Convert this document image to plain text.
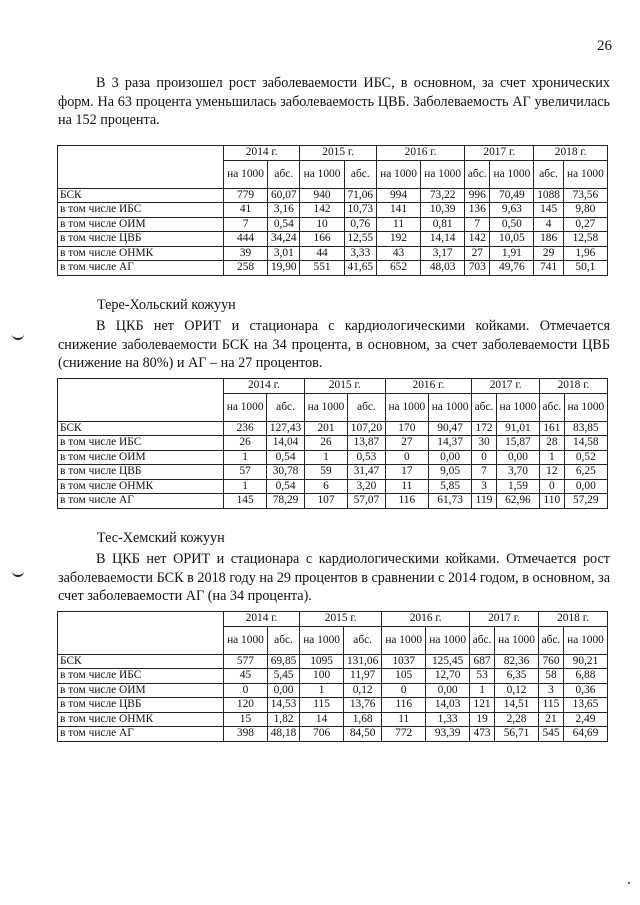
26

В 3 раза произошел рост заболеваемости ИБС, в основном, за счет хронических форм. На 63 процента уменьшилась заболеваемость ЦВБ. Заболеваемость АГ увеличилась на 152 процента.

	2014 г.		2015 г.		2016 г.		2017 г.		2018 г.	
	на 1000	абс.	на 1000	абс.	на 1000	на 1000	абс.	на 1000	абс.	на 1000
БСК	779	60,07	940	71,06	994	73,22	996	70,49	1088	73,56
в том числе ИБС	41	3,16	142	10,73	141	10,39	136	9,63	145	9,80
в том числе ОИМ	7	0,54	10	0,76	11	0,81	7	0,50	4	0,27
в том числе ЦВБ	444	34,24	166	12,55	192	14,14	142	10,05	186	12,58
в том числе ОНМК	39	3,01	44	3,33	43	3,17	27	1,91	29	1,96
в том числе АГ	258	19,90	551	41,65	652	48,03	703	49,76	741	50,1
Тере-Хольский кожуун

В ЦКБ нет ОРИТ и стационара с кардиологическими койками. Отмечается снижение заболеваемости БСК на 34 процента, в основном, за счет заболеваемости ЦВБ (снижение на 80%) и АГ – на 27 процентов.

	2014 г.		2015 г.		2016 г.		2017 г.		2018 г.	
	на 1000	абс.	на 1000	абс.	на 1000	на 1000	абс.	на 1000	абс.	на 1000
БСК	236	127,43	201	107,20	170	90,47	172	91,01	161	83,85
в том числе ИБС	26	14,04	26	13,87	27	14,37	30	15,87	28	14,58
в том числе ОИМ	1	0,54	1	0,53	0	0,00	0	0,00	1	0,52
в том числе ЦВБ	57	30,78	59	31,47	17	9,05	7	3,70	12	6,25
в том числе ОНМК	1	0,54	6	3,20	11	5,85	3	1,59	0	0,00
в том числе АГ	145	78,29	107	57,07	116	61,73	119	62,96	110	57,29
Тес-Хемский кожуун

В ЦКБ нет ОРИТ и стационара с кардиологическими койками. Отмечается рост заболеваемости БСК в 2018 году на 29 процентов в сравнении с 2014 годом, в основном, за счет заболеваемости АГ (на 34 процента).

	2014 г.		2015 г.		2016 г.		2017 г.		2018 г.	
	на 1000	абс.	на 1000	абс.	на 1000	на 1000	абс.	на 1000	абс.	на 1000
БСК	577	69,85	1095	131,06	1037	125,45	687	82,36	760	90,21
в том числе ИБС	45	5,45	100	11,97	105	12,70	53	6,35	58	6,88
в том числе ОИМ	0	0,00	1	0,12	0	0,00	1	0,12	3	0,36
в том числе ЦВБ	120	14,53	115	13,76	116	14,03	121	14,51	115	13,65
в том числе ОНМК	15	1,82	14	1,68	11	1,33	19	2,28	21	2,49
в том числе АГ	398	48,18	706	84,50	772	93,39	473	56,71	545	64,69
